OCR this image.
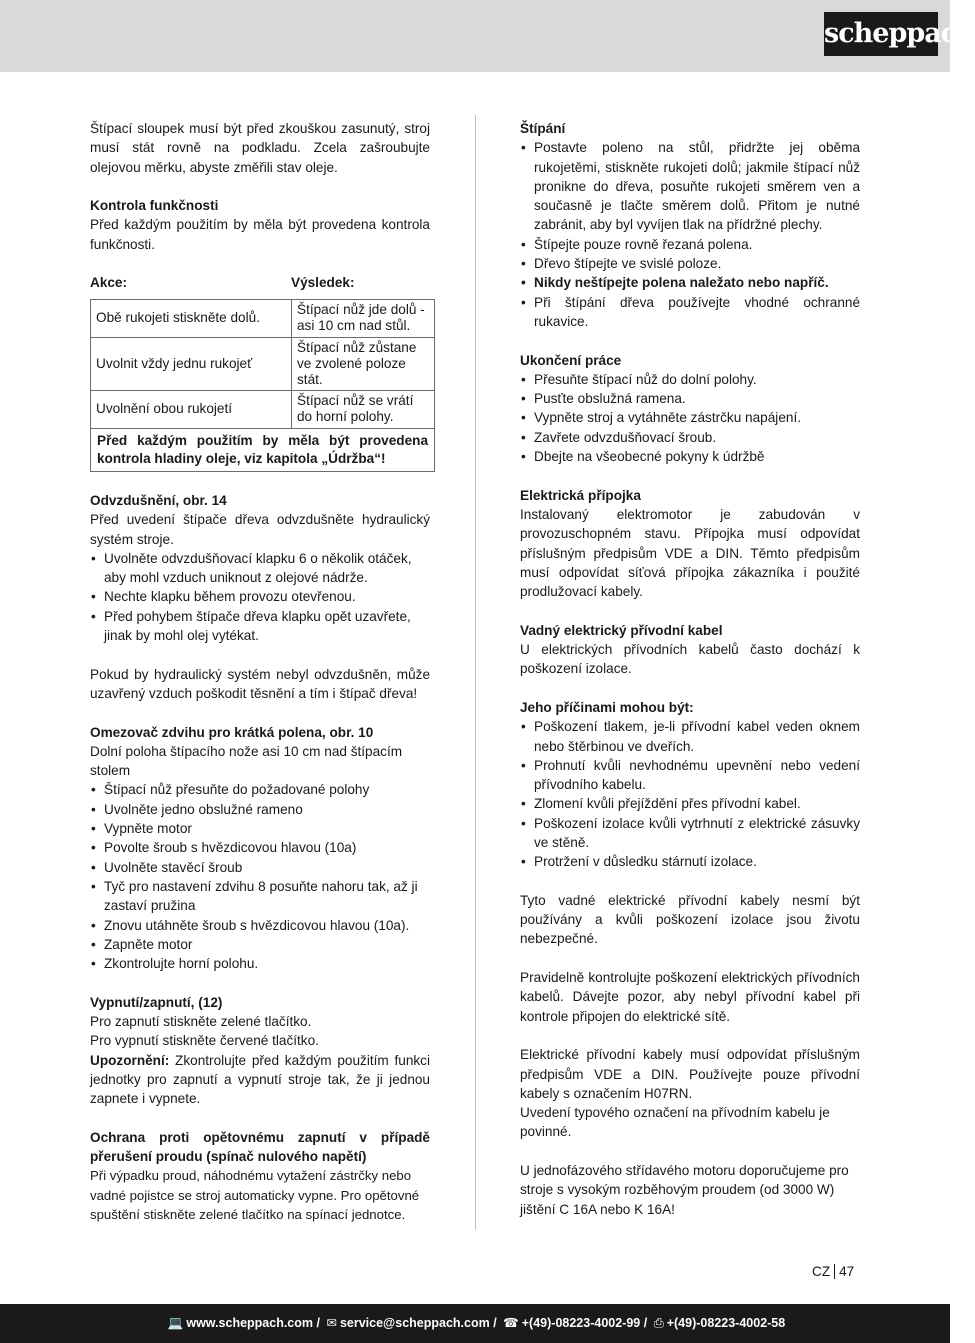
scheppach

Štípací sloupek musí být před zkouškou zasunutý, stroj musí stát rovně na podkladu. Zcela zašroubujte olejovou měrku, abyste změřili stav oleje.

Kontrola funkčnosti

Před každým použitím by měla být provedena kontrola funkčnosti.

Akce:	Výsledek:
Obě rukojeti stiskněte dolů.	Štípací nůž jde dolů - asi 10 cm nad stůl.
Uvolnit vždy jednu rukojeť	Štípací nůž zůstane ve zvolené poloze stát.
Uvolnění obou rukojetí	Štípací nůž se vrátí do horní polohy.
Před každým použitím by měla být provedena kontrola hladiny oleje, viz kapitola „Údržba“!	

Odvzdušnění, obr. 14

Před uvedení štípače dřeva odvzdušněte hydraulický systém stroje.

• Uvolněte odvzdušňovací klapku 6 o několik otáček, aby mohl vzduch uniknout z olejové nádrže.
• Nechte klapku během provozu otevřenou.
• Před pohybem štípače dřeva klapku opět uzavřete, jinak by mohl olej vytékat.

Pokud by hydraulický systém nebyl odvzdušněn, může uzavřený vzduch poškodit těsnění a tím i štípač dřeva!

Omezovač zdvihu pro krátká polena, obr. 10

Dolní poloha štípacího nože asi 10 cm nad štípacím stolem

• Štípací nůž přesuňte do požadované polohy
• Uvolněte jedno obslužné rameno
• Vypněte motor
• Povolte šroub s hvězdicovou hlavou (10a)
• Uvolněte stavěcí šroub
• Tyč pro nastavení zdvihu 8 posuňte nahoru tak, až ji zastaví pružina
• Znovu utáhněte šroub s hvězdicovou hlavou (10a).
• Zapněte motor
• Zkontrolujte horní polohu.

Vypnutí/zapnutí, (12)

Pro zapnutí stiskněte zelené tlačítko.

Pro vypnutí stiskněte červené tlačítko.

Upozornění: Zkontrolujte před každým použitím funkci jednotky pro zapnutí a vypnutí stroje tak, že ji jednou zapnete i vypnete.

Ochrana proti opětovnému zapnutí v případě přerušení proudu (spínač nulového napětí)

Při výpadku proud, náhodnému vytažení zástrčky nebo vadné pojistce se stroj automaticky vypne. Pro opětovné spuštění stiskněte zelené tlačítko na spínací jednotce.

Štípání

• Postavte poleno na stůl, přidržte jej oběma rukojetěmi, stiskněte rukojeti dolů; jakmile štípací nůž pronikne do dřeva, posuňte rukojeti směrem ven a současně je tlačte směrem dolů. Přitom je nutné zabránit, aby byl vyvíjen tlak na přídržné plechy.
• Štípejte pouze rovně řezaná polena.
• Dřevo štípejte ve svislé poloze.
• Nikdy neštípejte polena naležato nebo napříč.
• Při štípání dřeva používejte vhodné ochranné rukavice.

Ukončení práce

• Přesuňte štípací nůž do dolní polohy.
• Pusťte obslužná ramena.
• Vypněte stroj a vytáhněte zástrčku napájení.
• Zavřete odvzdušňovací šroub.
• Dbejte na všeobecné pokyny k údržbě

Elektrická přípojka

Instalovaný elektromotor je zabudován v provozuschopném stavu. Přípojka musí odpovídat příslušným předpisům VDE a DIN. Těmto předpisům musí odpovídat síťová přípojka zákazníka i použité prodlužovací kabely.

Vadný elektrický přívodní kabel

U elektrických přívodních kabelů často dochází k poškození izolace.

Jeho příčinami mohou být:

• Poškození tlakem, je-li přívodní kabel veden oknem nebo štěrbinou ve dveřích.
• Prohnutí kvůli nevhodnému upevnění nebo vedení přívodního kabelu.
• Zlomení kvůli přejíždění přes přívodní kabel.
• Poškození izolace kvůli vytrhnutí z elektrické zásuvky ve stěně.
• Protržení v důsledku stárnutí izolace.

Tyto vadné elektrické přívodní kabely nesmí být používány a kvůli poškození izolace jsou životu nebezpečné.

Pravidelně kontrolujte poškození elektrických přívodních kabelů. Dávejte pozor, aby nebyl přívodní kabel při kontrole připojen do elektrické sítě.

Elektrické přívodní kabely musí odpovídat příslušným předpisům VDE a DIN. Používejte pouze přívodní kabely s označením H07RN.

Uvedení typového označení na přívodním kabelu je povinné.

U jednofázového střídavého motoru doporučujeme pro stroje s vysokým rozběhovým proudem (od 3000 W) jištění C 16A nebo K 16A!

CZ 47
💻 www.scheppach.com / ✉ service@scheppach.com / ☎ +(49)-08223-4002-99 / ⎙ +(49)-08223-4002-58
